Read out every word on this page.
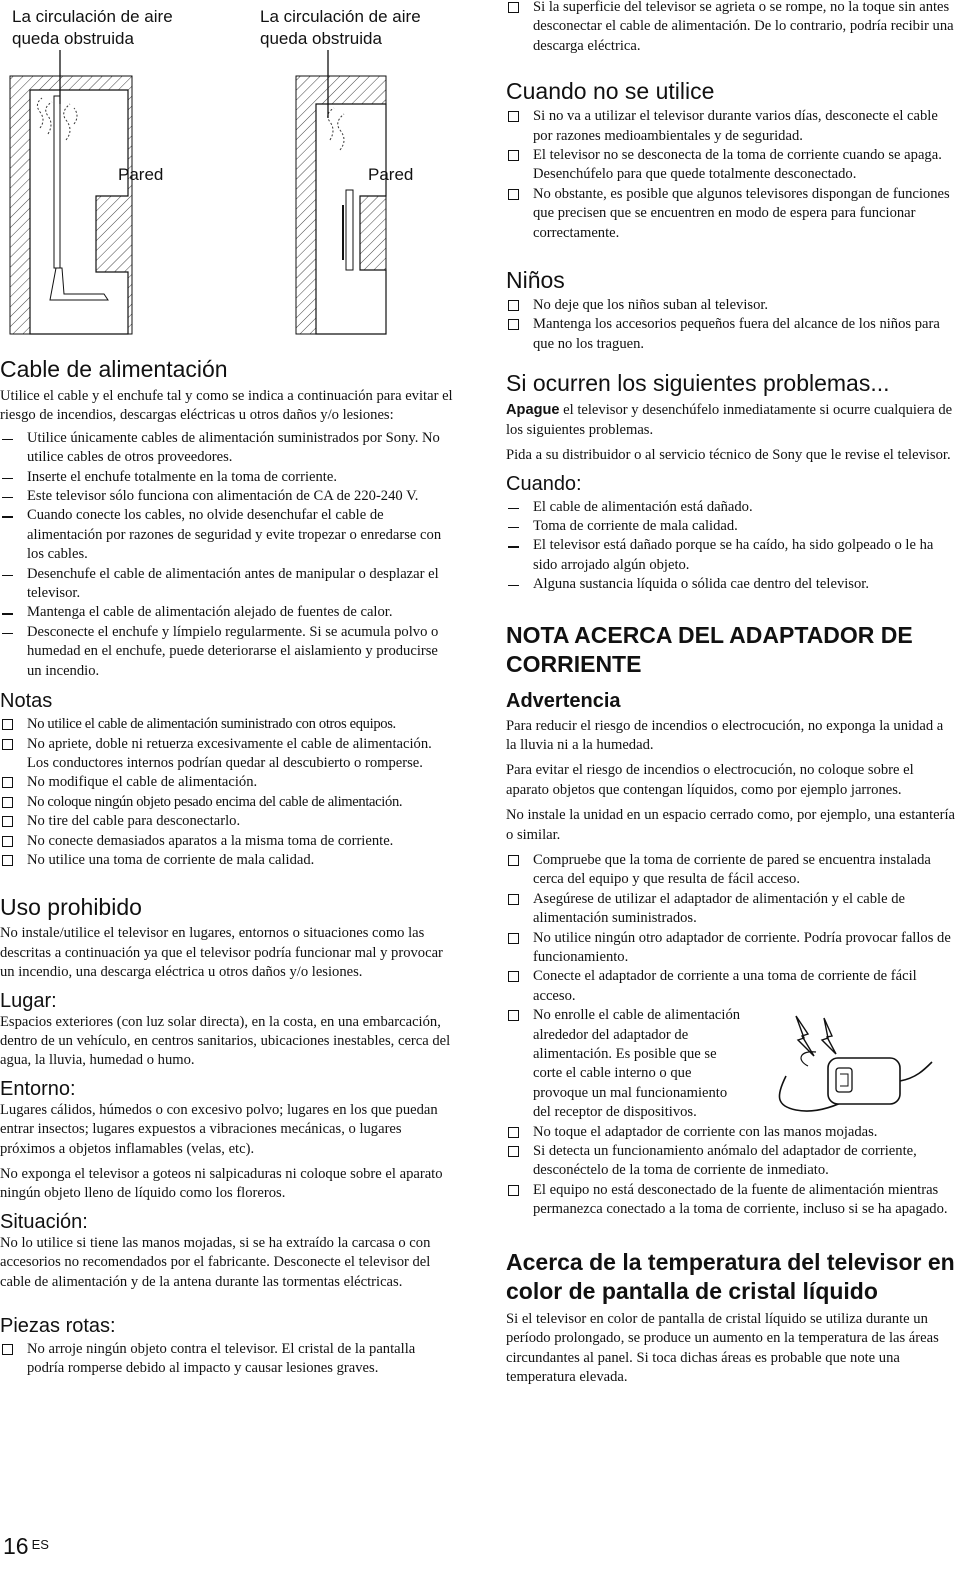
La circulación de aire queda obstruida
La circulación de aire queda obstruida
Pared	Pared
Cable de alimentación

Utilice el cable y el enchufe tal y como se indica a continuación para evitar el riesgo de incendios, descargas eléctricas u otros daños y/o lesiones:

Utilice únicamente cables de alimentación suministrados por Sony. No utilice cables de otros proveedores.
Inserte el enchufe totalmente en la toma de corriente.
Este televisor sólo funciona con alimentación de CA de 220-240 V.
Cuando conecte los cables, no olvide desenchufar el cable de alimentación por razones de seguridad y evite tropezar o enredarse con los cables.
Desenchufe el cable de alimentación antes de manipular o desplazar el televisor.
Mantenga el cable de alimentación alejado de fuentes de calor.
Desconecte el enchufe y límpielo regularmente. Si se acumula polvo o humedad en el enchufe, puede deteriorarse el aislamiento y producirse un incendio.
Notas
No utilice el cable de alimentación suministrado con otros equipos.
No apriete, doble ni retuerza excesivamente el cable de alimentación. Los conductores internos podrían quedar al descubierto o romperse.
No modifique el cable de alimentación.
No coloque ningún objeto pesado encima del cable de alimentación.
No tire del cable para desconectarlo.
No conecte demasiados aparatos a la misma toma de corriente.
No utilice una toma de corriente de mala calidad.
Uso prohibido

No instale/utilice el televisor en lugares, entornos o situaciones como las descritas a continuación ya que el televisor podría funcionar mal y provocar un incendio, una descarga eléctrica u otros daños y/o lesiones.

Lugar:

Espacios exteriores (con luz solar directa), en la costa, en una embarcación, dentro de un vehículo, en centros sanitarios, ubicaciones inestables, cerca del agua, la lluvia, humedad o humo.

Entorno:

Lugares cálidos, húmedos o con excesivo polvo; lugares en los que puedan entrar insectos; lugares expuestos a vibraciones mecánicas, o lugares próximos a objetos inflamables (velas, etc).

No exponga el televisor a goteos ni salpicaduras ni coloque sobre el aparato ningún objeto lleno de líquido como los floreros.

Situación:

No lo utilice si tiene las manos mojadas, si se ha extraído la carcasa o con accesorios no recomendados por el fabricante. Desconecte el televisor del cable de alimentación y de la antena durante las tormentas eléctricas.

Piezas rotas:
No arroje ningún objeto contra el televisor. El cristal de la pantalla podría romperse debido al impacto y causar lesiones graves.
16 $^{ES}$
Si la superficie del televisor se agrieta o se rompe, no la toque sin antes desconectar el cable de alimentación. De lo contrario, podría recibir una descarga eléctrica.
Cuando no se utilice
Si no va a utilizar el televisor durante varios días, desconecte el cable por razones medioambientales y de seguridad.
El televisor no se desconecta de la toma de corriente cuando se apaga. Desenchúfelo para que quede totalmente desconectado.
No obstante, es posible que algunos televisores dispongan de funciones que precisen que se encuentren en modo de espera para funcionar correctamente.
Niños
No deje que los niños suban al televisor.
Mantenga los accesorios pequeños fuera del alcance de los niños para que no los traguen.
Si ocurren los siguientes problemas...

Apague el televisor y desenchúfelo inmediatamente si ocurre cualquiera de los siguientes problemas.

Pida a su distribuidor o al servicio técnico de Sony que le revise el televisor.

Cuando:
El cable de alimentación está dañado.
Toma de corriente de mala calidad.
El televisor está dañado porque se ha caído, ha sido golpeado o le ha sido arrojado algún objeto.
Alguna sustancia líquida o sólida cae dentro del televisor.
NOTA ACERCA DEL ADAPTADOR DE CORRIENTE
Advertencia

Para reducir el riesgo de incendios o electrocución, no exponga la unidad a la lluvia ni a la humedad.

Para evitar el riesgo de incendios o electrocución, no coloque sobre el aparato objetos que contengan líquidos, como por ejemplo jarrones.

No instale la unidad en un espacio cerrado como, por ejemplo, una estantería o similar.

Compruebe que la toma de corriente de pared se encuentra instalada cerca del equipo y que resulta de fácil acceso.
Asegúrese de utilizar el adaptador de alimentación y el cable de alimentación suministrados.
No utilice ningún otro adaptador de corriente. Podría provocar fallos de funcionamiento.
Conecte el adaptador de corriente a una toma de corriente de fácil acceso.
No enrolle el cable de alimentación alrededor del adaptador de alimentación. Es posible que se corte el cable interno o que provoque un mal funcionamiento del receptor de dispositivos.
No toque el adaptador de corriente con las manos mojadas.
Si detecta un funcionamiento anómalo del adaptador de corriente, desconéctelo de la toma de corriente de inmediato.
El equipo no está desconectado de la fuente de alimentación mientras permanezca conectado a la toma de corriente, incluso si se ha apagado.
Acerca de la temperatura del televisor en color de pantalla de cristal líquido

Si el televisor en color de pantalla de cristal líquido se utiliza durante un período prolongado, se produce un aumento en la temperatura de las áreas circundantes al panel. Si toca dichas áreas es probable que note una temperatura elevada.
